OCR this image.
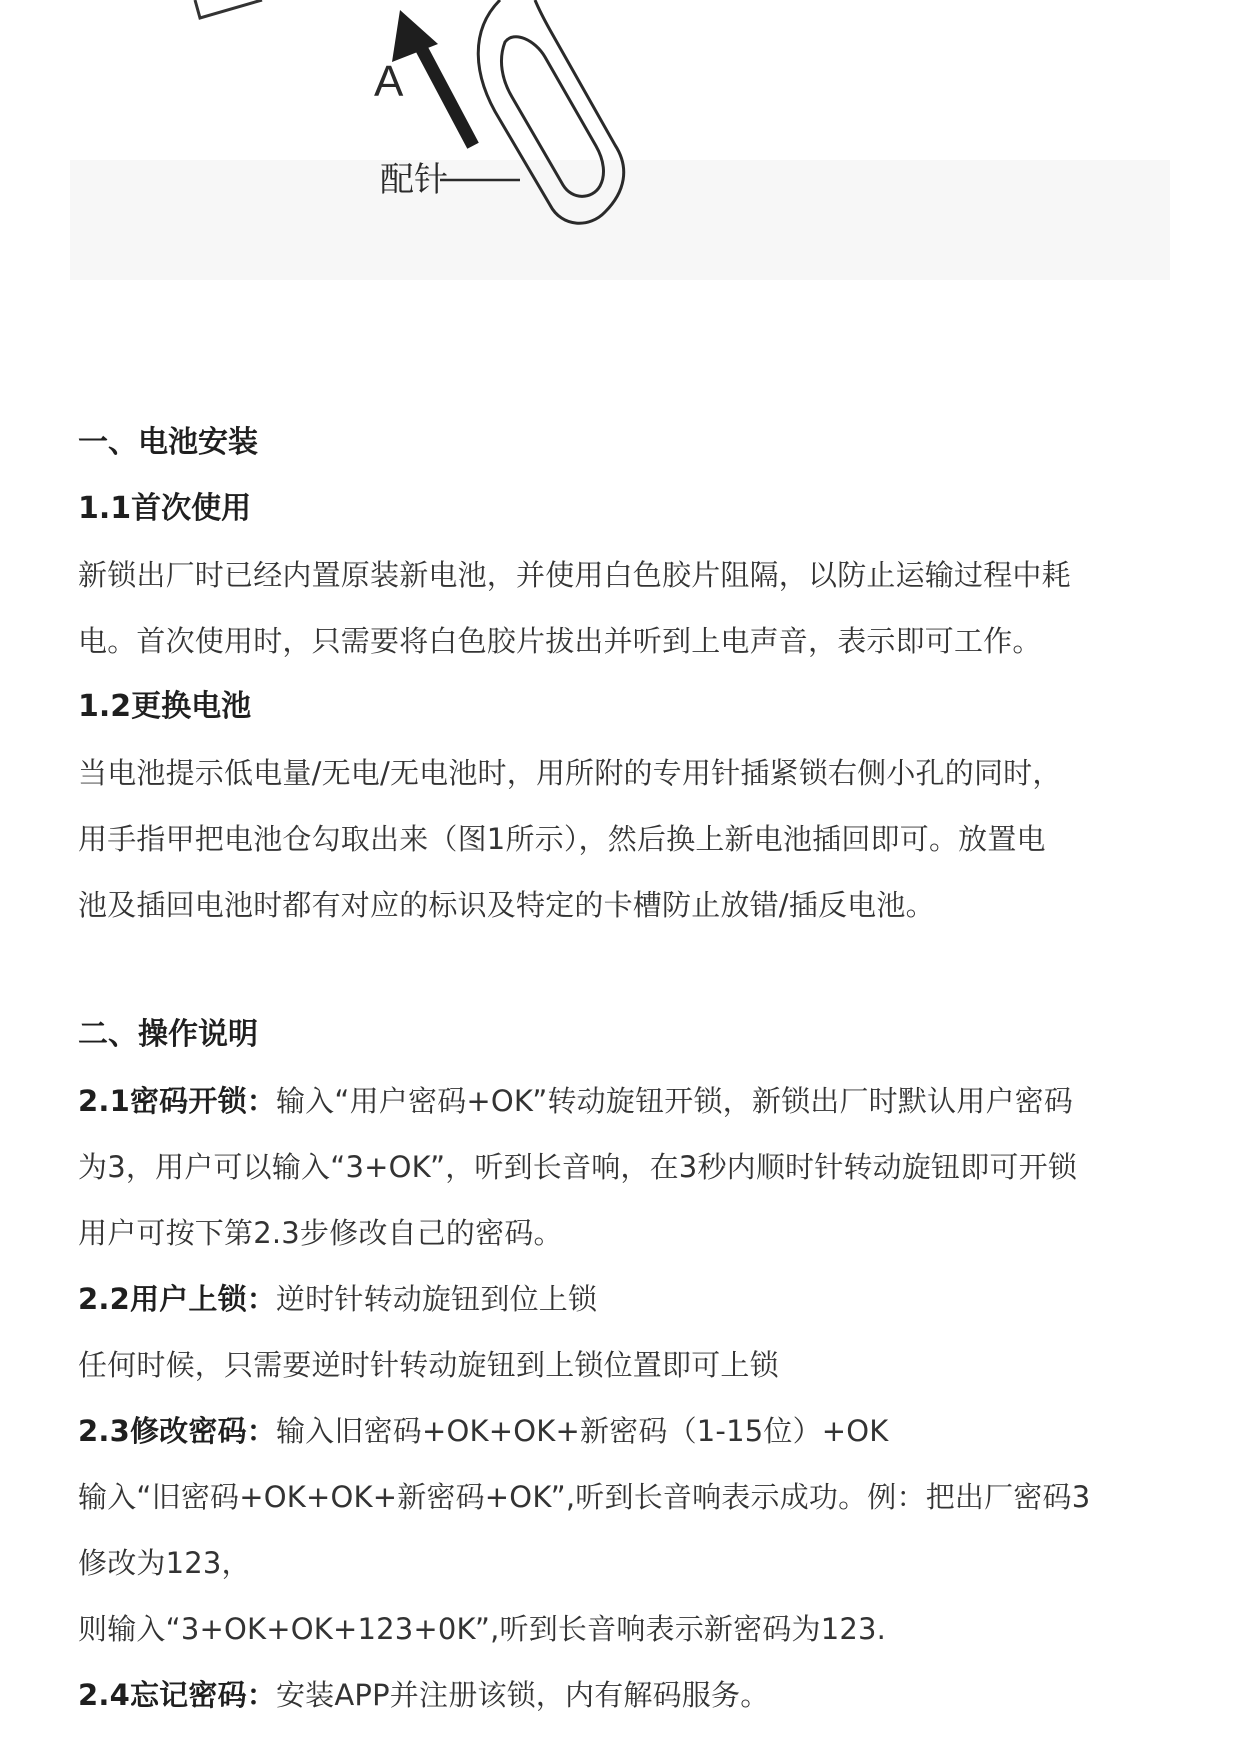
A
配针

一、电池安装

1.1首次使用

新锁出厂时已经内置原装新电池，并使用白色胶片阻隔，以防止运输过程中耗

电。首次使用时，只需要将白色胶片拔出并听到上电声音，表示即可工作。

1.2更换电池

当电池提示低电量/无电/无电池时，用所附的专用针插紧锁右侧小孔的同时，

用手指甲把电池仓勾取出来（图1所示），然后换上新电池插回即可。放置电

池及插回电池时都有对应的标识及特定的卡槽防止放错/插反电池。

二、操作说明

2.1密码开锁：输入“用户密码+OK”转动旋钮开锁，新锁出厂时默认用户密码

为3，用户可以输入“3+OK”，听到长音响，在3秒内顺时针转动旋钮即可开锁

用户可按下第2.3步修改自己的密码。

2.2用户上锁：逆时针转动旋钮到位上锁

任何时候，只需要逆时针转动旋钮到上锁位置即可上锁

2.3修改密码：输入旧密码+OK+OK+新密码（1-15位）+OK

输入“旧密码+OK+OK+新密码+OK”,听到长音响表示成功。例：把出厂密码3

修改为123，

则输入“3+OK+OK+123+0K”,听到长音响表示新密码为123.

2.4忘记密码：安装APP并注册该锁，内有解码服务。
